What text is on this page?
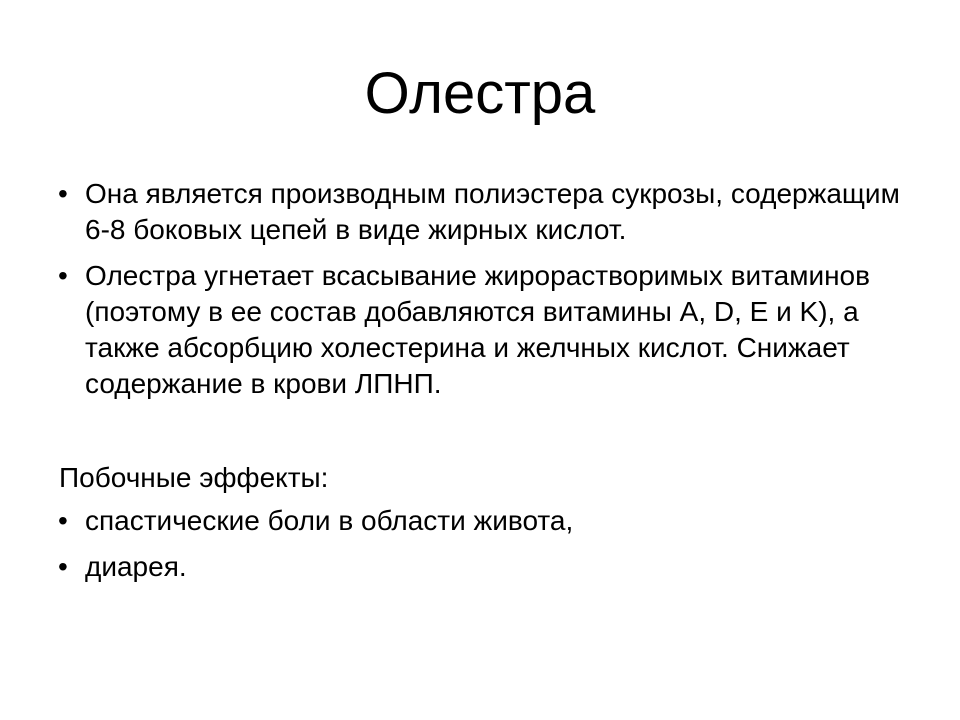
Олестра
• Она является производным полиэстера сукрозы, содержащим 6-8 боковых цепей в виде жирных кислот.
• Олестра угнетает всасывание жирорастворимых витаминов (поэтому в ее состав добавляются витамины A, D, E и K), а также абсорбцию холестерина и желчных кислот. Снижает содержание в крови ЛПНП.
Побочные эффекты:
• спастические боли в области живота,
• диарея.
